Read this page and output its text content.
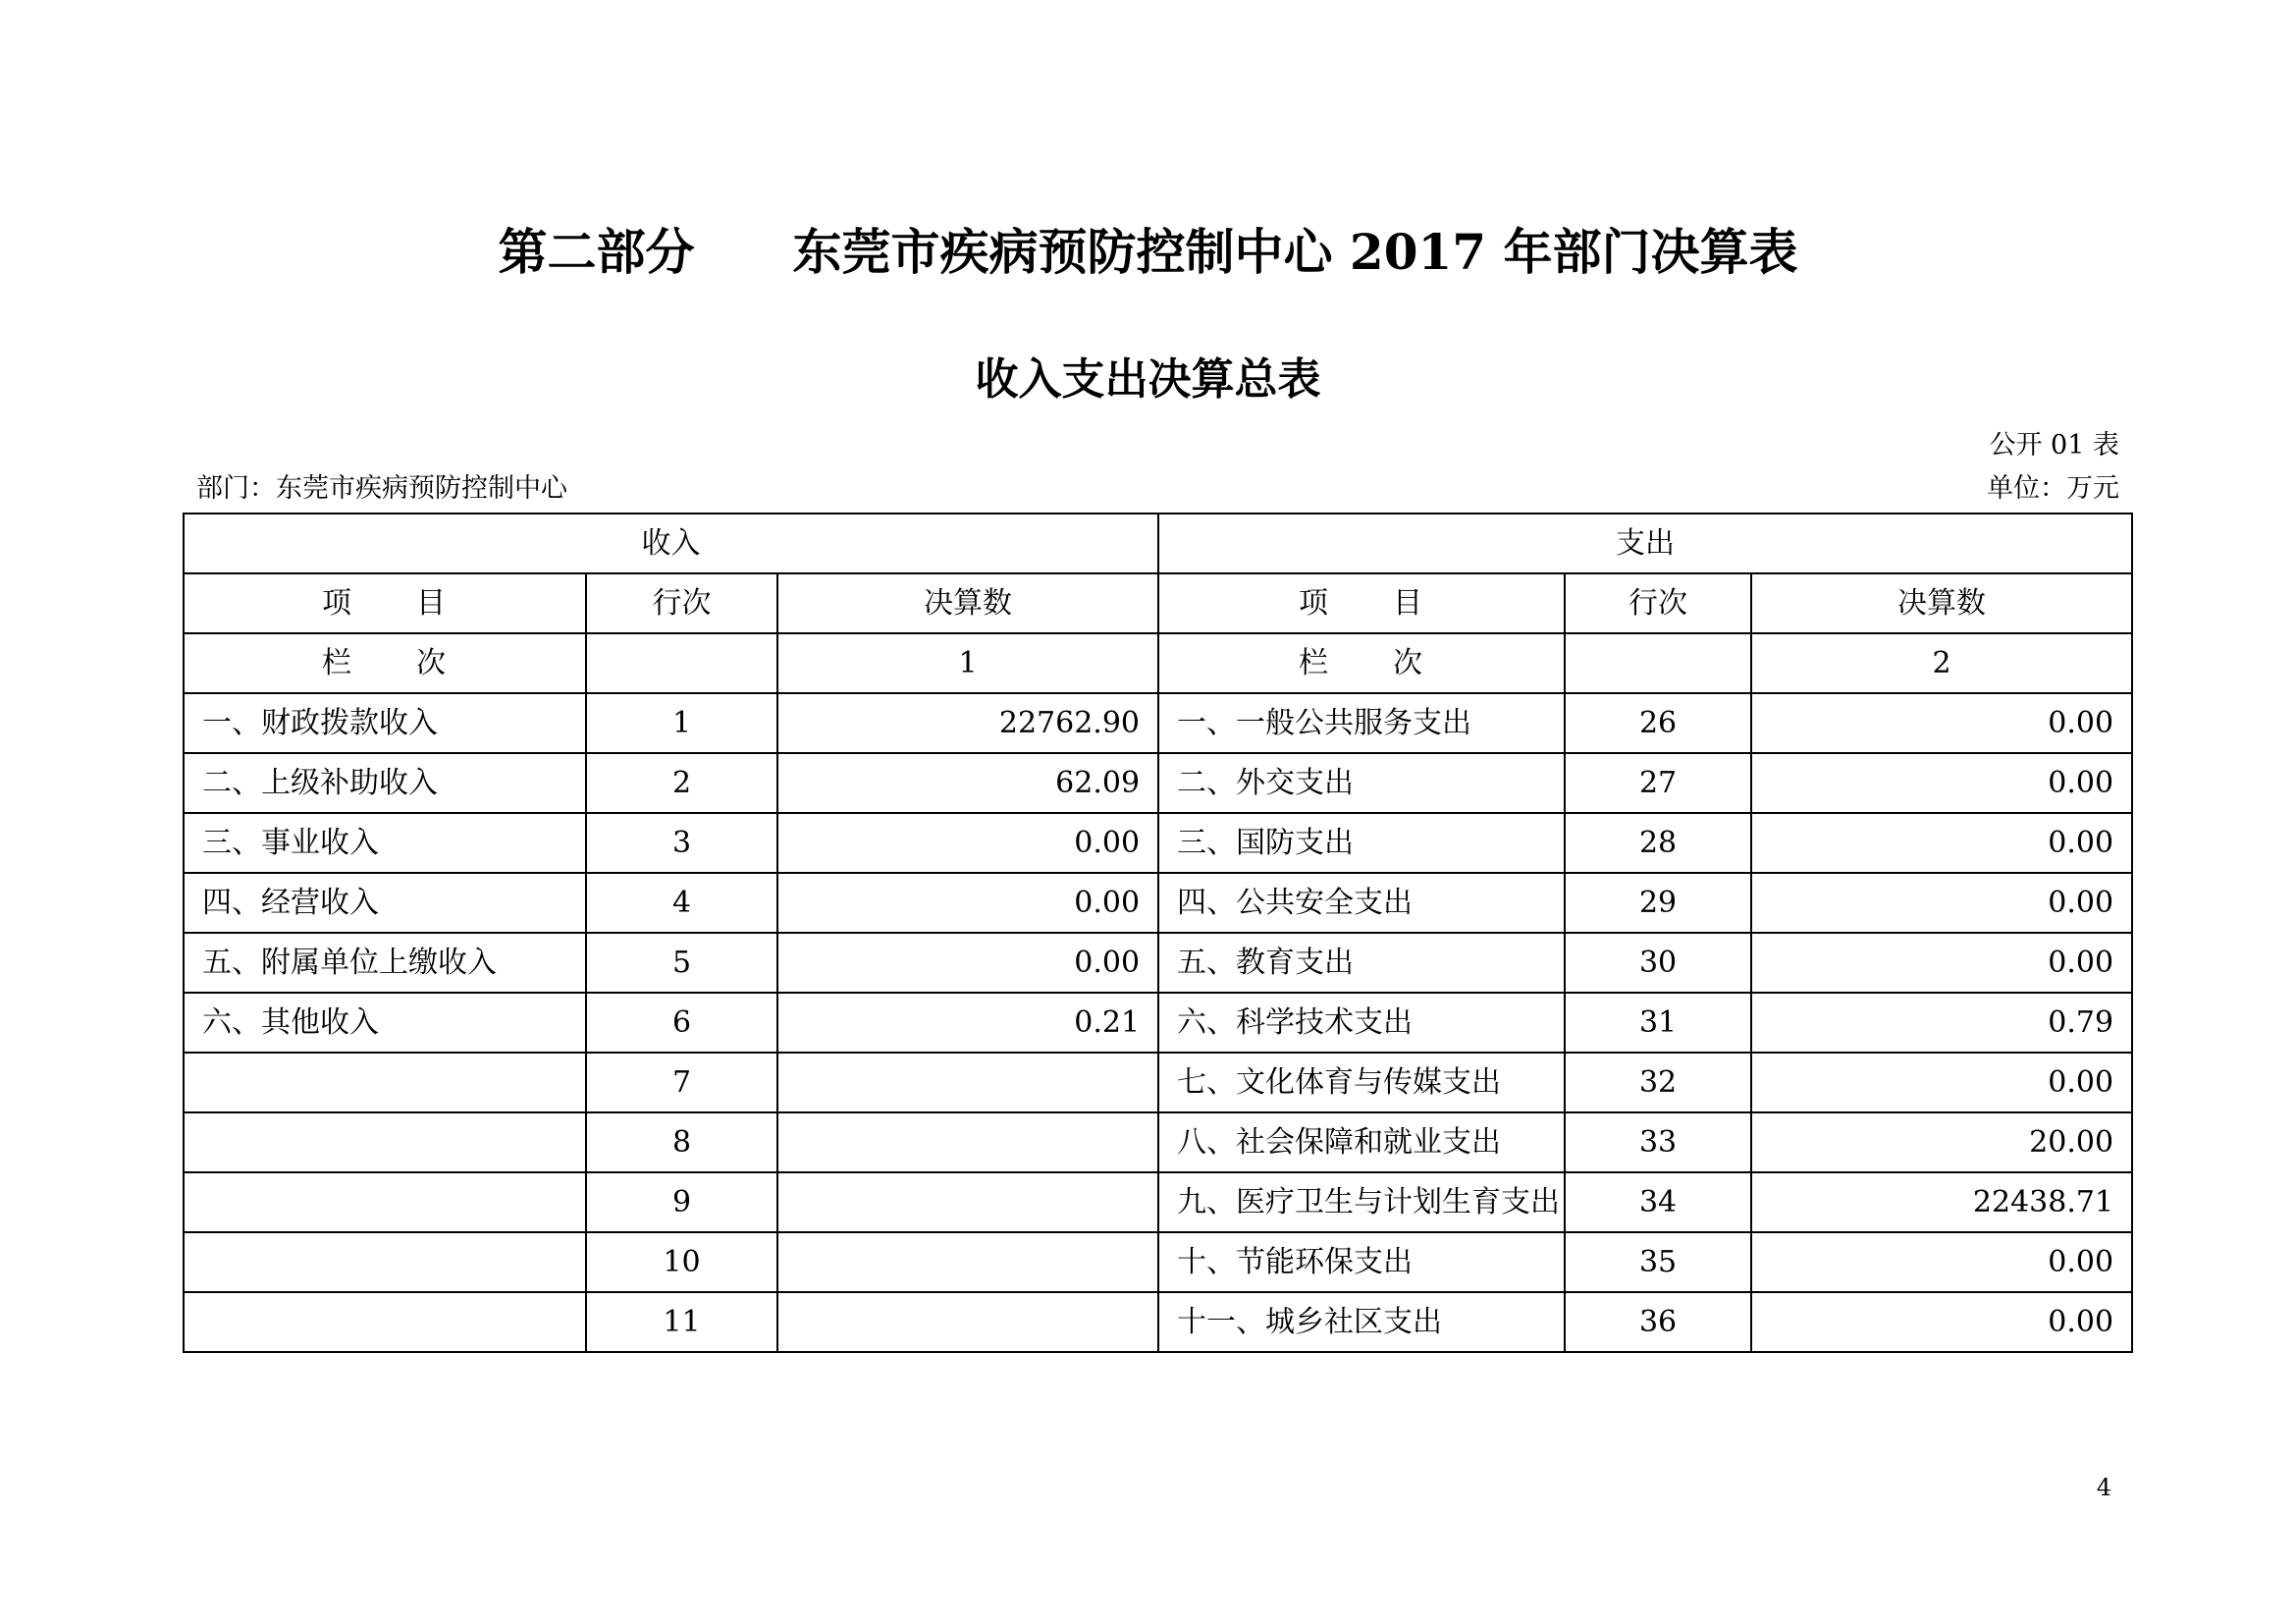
第二部分　　东莞市疾病预防控制中心 2017 年部门决算表
收入支出决算总表
公开 01 表
部门：东莞市疾病预防控制中心	单位：万元
收入			支出		
项　　目	行次	决算数	项　　目	行次	决算数
栏　　次		1	栏　　次		2
一、财政拨款收入	1	22762.90	一、一般公共服务支出	26	0.00
二、上级补助收入	2	62.09	二、外交支出	27	0.00
三、事业收入	3	0.00	三、国防支出	28	0.00
四、经营收入	4	0.00	四、公共安全支出	29	0.00
五、附属单位上缴收入	5	0.00	五、教育支出	30	0.00
六、其他收入	6	0.21	六、科学技术支出	31	0.79
	7		七、文化体育与传媒支出	32	0.00
	8		八、社会保障和就业支出	33	20.00
	9		九、医疗卫生与计划生育支出	34	22438.71
	10		十、节能环保支出	35	0.00
	11		十一、城乡社区支出	36	0.00
4
